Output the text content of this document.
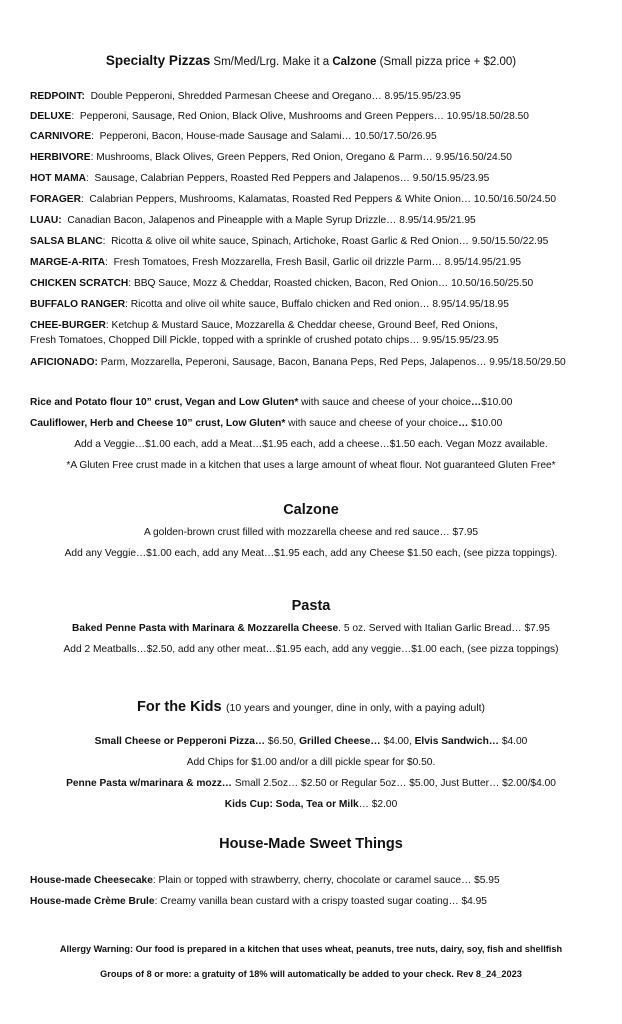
Specialty Pizzas Sm/Med/Lrg. Make it a Calzone (Small pizza price + $2.00)
REDPOINT:  Double Pepperoni, Shredded Parmesan Cheese and Oregano… 8.95/15.95/23.95
DELUXE:  Pepperoni, Sausage, Red Onion, Black Olive, Mushrooms and Green Peppers… 10.95/18.50/28.50
CARNIVORE:  Pepperoni, Bacon, House-made Sausage and Salami… 10.50/17.50/26.95
HERBIVORE: Mushrooms, Black Olives, Green Peppers, Red Onion, Oregano & Parm… 9.95/16.50/24.50
HOT MAMA:  Sausage, Calabrian Peppers, Roasted Red Peppers and Jalapenos… 9.50/15.95/23.95
FORAGER:  Calabrian Peppers, Mushrooms, Kalamatas, Roasted Red Peppers & White Onion… 10.50/16.50/24.50
LUAU:  Canadian Bacon, Jalapenos and Pineapple with a Maple Syrup Drizzle… 8.95/14.95/21.95
SALSA BLANC:  Ricotta & olive oil white sauce, Spinach, Artichoke, Roast Garlic & Red Onion… 9.50/15.50/22.95
MARGE-A-RITA:  Fresh Tomatoes, Fresh Mozzarella, Fresh Basil, Garlic oil drizzle Parm… 8.95/14.95/21.95
CHICKEN SCRATCH: BBQ Sauce, Mozz & Cheddar, Roasted chicken, Bacon, Red Onion… 10.50/16.50/25.50
BUFFALO RANGER: Ricotta and olive oil white sauce, Buffalo chicken and Red onion… 8.95/14.95/18.95
CHEE-BURGER: Ketchup & Mustard Sauce, Mozzarella & Cheddar cheese, Ground Beef, Red Onions,
Fresh Tomatoes, Chopped Dill Pickle, topped with a sprinkle of crushed potato chips… 9.95/15.95/23.95
AFICIONADO: Parm, Mozzarella, Peperoni, Sausage, Bacon, Banana Peps, Red Peps, Jalapenos… 9.95/18.50/29.50
Rice and Potato flour 10” crust, Vegan and Low Gluten* with sauce and cheese of your choice…$10.00
Cauliflower, Herb and Cheese 10” crust, Low Gluten* with sauce and cheese of your choice… $10.00
Add a Veggie…$1.00 each, add a Meat…$1.95 each, add a cheese…$1.50 each. Vegan Mozz available.
*A Gluten Free crust made in a kitchen that uses a large amount of wheat flour. Not guaranteed Gluten Free*
Calzone
A golden-brown crust filled with mozzarella cheese and red sauce… $7.95
Add any Veggie…$1.00 each, add any Meat…$1.95 each, add any Cheese $1.50 each, (see pizza toppings).
Pasta
Baked Penne Pasta with Marinara & Mozzarella Cheese. 5 oz. Served with Italian Garlic Bread… $7.95
Add 2 Meatballs…$2.50, add any other meat…$1.95 each, add any veggie…$1.00 each, (see pizza toppings)
For the Kids (10 years and younger, dine in only, with a paying adult)
Small Cheese or Pepperoni Pizza… $6.50, Grilled Cheese… $4.00, Elvis Sandwich… $4.00
Add Chips for $1.00 and/or a dill pickle spear for $0.50.
Penne Pasta w/marinara & mozz… Small 2.5oz… $2.50 or Regular 5oz… $5.00, Just Butter… $2.00/$4.00
Kids Cup: Soda, Tea or Milk… $2.00
House-Made Sweet Things
House-made Cheesecake: Plain or topped with strawberry, cherry, chocolate or caramel sauce… $5.95
House-made Crème Brule: Creamy vanilla bean custard with a crispy toasted sugar coating… $4.95
Allergy Warning: Our food is prepared in a kitchen that uses wheat, peanuts, tree nuts, dairy, soy, fish and shellfish
Groups of 8 or more: a gratuity of 18% will automatically be added to your check. Rev 8_24_2023
